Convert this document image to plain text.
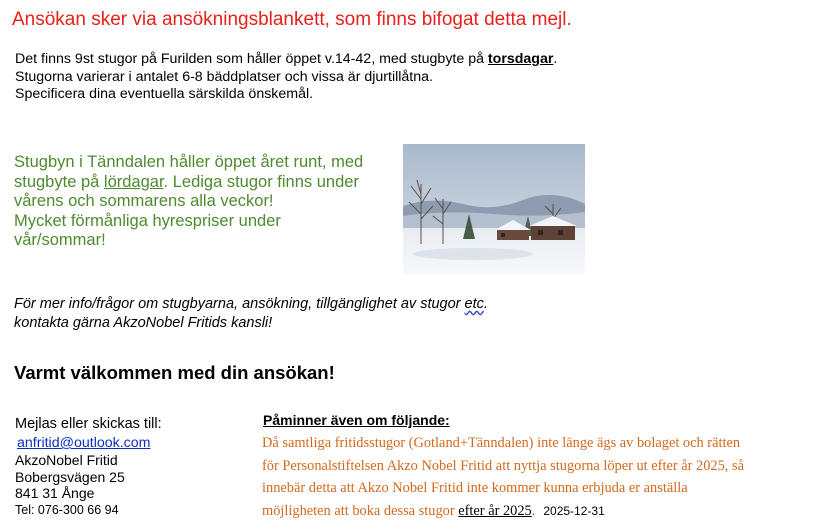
Ansökan sker via ansökningsblankett, som finns bifogat detta mejl.

Det finns 9st stugor på Furilden som håller öppet v.14-42, med stugbyte på torsdagar.
Stugorna varierar i antalet 6-8 bäddplatser och vissa är djurtillåtna.
Specificera dina eventuella särskilda önskemål.
Stugbyn i Tänndalen håller öppet året runt, med
stugbyte på lördagar. Lediga stugor finns under
vårens och sommarens alla veckor!
Mycket förmånliga hyrespriser under
vår/sommar!
För mer info/frågor om stugbyarna, ansökning, tillgänglighet av stugor etc.
kontakta gärna AkzoNobel Fritids kansli!

Varmt välkommen med din ansökan!

Mejlas eller skickas till:

anfritid@outlook.com
AkzoNobel Fritid
Bobergsvägen 25
841 31 Ånge
Tel: 076-300 66 94

Påminner även om följande:

Då samtliga fritidsstugor (Gotland+Tänndalen) inte länge ägs av bolaget och rätten
för Personalstiftelsen Akzo Nobel Fritid att nyttja stugorna löper ut efter år 2025, så
innebär detta att Akzo Nobel Fritid inte kommer kunna erbjuda er anställa
möjligheten att boka dessa stugor efter år 2025. 2025-12-31
